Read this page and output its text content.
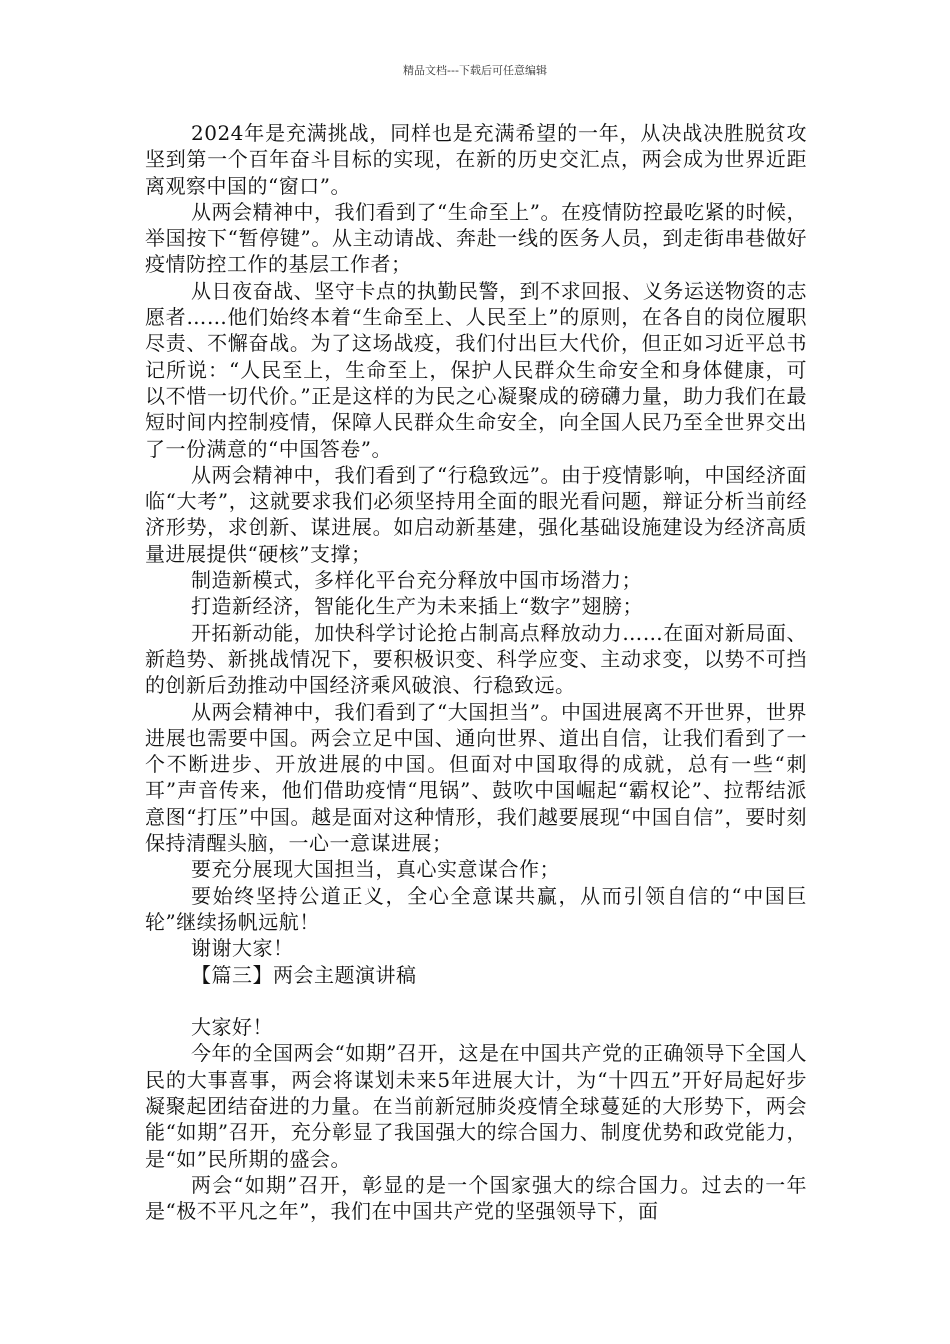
精品文档---下载后可任意编辑

2024年是充满挑战，同样也是充满希望的一年，从决战决胜脱贫攻坚到第一个百年奋斗目标的实现，在新的历史交汇点，两会成为世界近距离观察中国的“窗口”。

从两会精神中，我们看到了“生命至上”。在疫情防控最吃紧的时候，举国按下“暂停键”。从主动请战、奔赴一线的医务人员，到走街串巷做好疫情防控工作的基层工作者；

从日夜奋战、坚守卡点的执勤民警，到不求回报、义务运送物资的志愿者……他们始终本着“生命至上、人民至上”的原则，在各自的岗位履职尽责、不懈奋战。为了这场战疫，我们付出巨大代价，但正如习近平总书记所说：“人民至上，生命至上，保护人民群众生命安全和身体健康，可以不惜一切代价。”正是这样的为民之心凝聚成的磅礴力量，助力我们在最短时间内控制疫情，保障人民群众生命安全，向全国人民乃至全世界交出了一份满意的“中国答卷”。

从两会精神中，我们看到了“行稳致远”。由于疫情影响，中国经济面临“大考”，这就要求我们必须坚持用全面的眼光看问题，辩证分析当前经济形势，求创新、谋进展。如启动新基建，强化基础设施建设为经济高质量进展提供“硬核”支撑；

制造新模式，多样化平台充分释放中国市场潜力；

打造新经济，智能化生产为未来插上“数字”翅膀；

开拓新动能，加快科学讨论抢占制高点释放动力……在面对新局面、新趋势、新挑战情况下，要积极识变、科学应变、主动求变，以势不可挡的创新后劲推动中国经济乘风破浪、行稳致远。

从两会精神中，我们看到了“大国担当”。中国进展离不开世界，世界进展也需要中国。两会立足中国、通向世界、道出自信，让我们看到了一个不断进步、开放进展的中国。但面对中国取得的成就，总有一些“刺耳”声音传来，他们借助疫情“甩锅”、鼓吹中国崛起“霸权论”、拉帮结派意图“打压”中国。越是面对这种情形，我们越要展现“中国自信”，要时刻保持清醒头脑，一心一意谋进展；

要充分展现大国担当，真心实意谋合作；

要始终坚持公道正义，全心全意谋共赢，从而引领自信的“中国巨轮”继续扬帆远航！

谢谢大家！

【篇三】两会主题演讲稿

大家好！

今年的全国两会“如期”召开，这是在中国共产党的正确领导下全国人民的大事喜事，两会将谋划未来5年进展大计，为“十四五”开好局起好步凝聚起团结奋进的力量。在当前新冠肺炎疫情全球蔓延的大形势下，两会能“如期”召开，充分彰显了我国强大的综合国力、制度优势和政党能力，是“如”民所期的盛会。

两会“如期”召开，彰显的是一个国家强大的综合国力。过去的一年是“极不平凡之年”，我们在中国共产党的坚强领导下，面
